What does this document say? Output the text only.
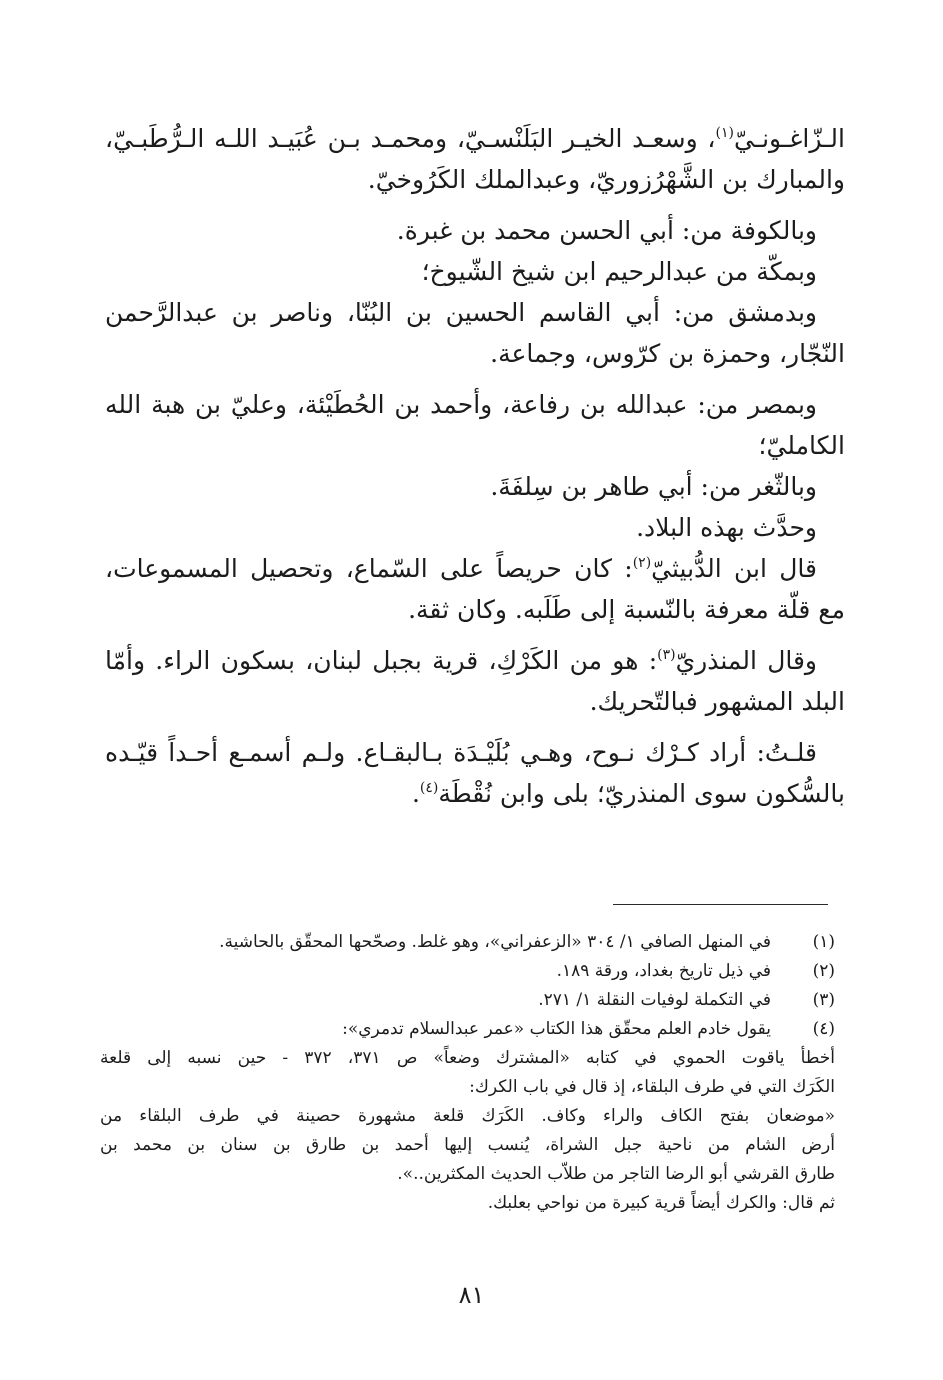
الـزّاغـونـيّ$^{(١)}$، وسعـد الخيـر البَلَنْسـيّ، ومحمـد بـن عُبَيـد اللـه الـرُّطَبـيّ،
والمبارك بن الشَّهْرُزوريّ، وعبدالملك الكَرُوخيّ.
وبالكوفة من: أبي الحسن محمد بن غبرة.
وبمكّة من عبدالرحيم ابن شيخ الشّيوخ؛
وبدمشق من: أبي القاسم الحسين بن البُنّا، وناصر بن عبدالرَّحمن
النّجّار، وحمزة بن كرّوس، وجماعة.
وبمصر من: عبدالله بن رفاعة، وأحمد بن الحُطَيْئة، وعليّ بن هبة الله
الكامليّ؛
وبالثّغر من: أبي طاهر بن سِلفَةَ.
وحدَّث بهذه البلاد.
قال ابن الدُّبيثيّ$^{(٢)}$: كان حريصاً على السّماع، وتحصيل المسموعات،
مع قلّة معرفة بالنّسبة إلى طَلَبه. وكان ثقة.
وقال المنذريّ$^{(٣)}$: هو من الكَرْكِ، قرية بجبل لبنان، بسكون الراء. وأمّا
البلد المشهور فبالتّحريك.
قلـتُ: أراد كـرْك نـوح، وهـي بُلَيْـدَة بـالبقـاع. ولـم أسمـع أحـداً قيّـده
بالسُّكون سوى المنذريّ؛ بلى وابن نُقْطَة$^{(٤)}$.
(١)
في المنهل الصافي ١/ ٣٠٤ «الزعفراني»، وهو غلط. وصحّحها المحقّق بالحاشية.
(٢)
في ذيل تاريخ بغداد، ورقة ١٨٩.
(٣)
في التكملة لوفيات النقلة ١/ ٢٧١.
(٤)
يقول خادم العلم محقّق هذا الكتاب «عمر عبدالسلام تدمري»:
أخطأ ياقوت الحموي في كتابه «المشترك وضعاً» ص ٣٧١، ٣٧٢ - حين نسبه إلى قلعة
الكَرَك التي في طرف البلقاء، إذ قال في باب الكرك:
«موضعان بفتح الكاف والراء وكاف. الكَرَك قلعة مشهورة حصينة في طرف البلقاء من
أرض الشام من ناحية جبل الشراة، يُنسب إليها أحمد بن طارق بن سنان بن محمد بن
طارق القرشي أبو الرضا التاجر من طلاّب الحديث المكثرين..».
ثم قال: والكرك أيضاً قرية كبيرة من نواحي بعلبك.
٨١
